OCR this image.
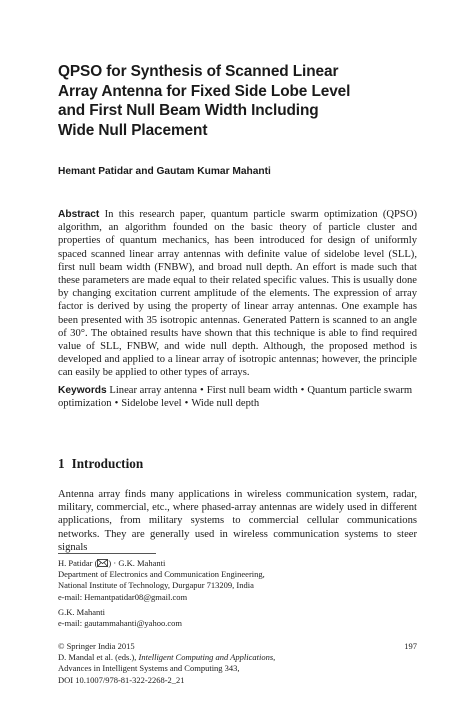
QPSO for Synthesis of Scanned Linear
Array Antenna for Fixed Side Lobe Level
and First Null Beam Width Including
Wide Null Placement
Hemant Patidar and Gautam Kumar Mahanti
Abstract In this research paper, quantum particle swarm optimization (QPSO) algorithm, an algorithm founded on the basic theory of particle cluster and properties of quantum mechanics, has been introduced for design of uniformly spaced scanned linear array antennas with definite value of sidelobe level (SLL), first null beam width (FNBW), and broad null depth. An effort is made such that these parameters are made equal to their related specific values. This is usually done by changing excitation current amplitude of the elements. The expression of array factor is derived by using the property of linear array antennas. One example has been presented with 35 isotropic antennas. Generated Pattern is scanned to an angle of 30°. The obtained results have shown that this technique is able to find required value of SLL, FNBW, and wide null depth. Although, the proposed method is developed and applied to a linear array of isotropic antennas; however, the principle can easily be applied to other types of arrays.
Keywords Linear array antenna • First null beam width • Quantum particle swarm optimization • Sidelobe level • Wide null depth
1 Introduction
Antenna array finds many applications in wireless communication system, radar, military, commercial, etc., where phased-array antennas are widely used in different applications, from military systems to commercial cellular communications networks. They are generally used in wireless communication systems to steer signals
H. Patidar ( ) · G.K. Mahanti
Department of Electronics and Communication Engineering,
National Institute of Technology, Durgapur 713209, India
e-mail: Hemantpatidar08@gmail.com
G.K. Mahanti
e-mail: gautammahanti@yahoo.com
© Springer India 2015
D. Mandal et al. (eds.), Intelligent Computing and Applications,
Advances in Intelligent Systems and Computing 343,
DOI 10.1007/978-81-322-2268-2_21
197
